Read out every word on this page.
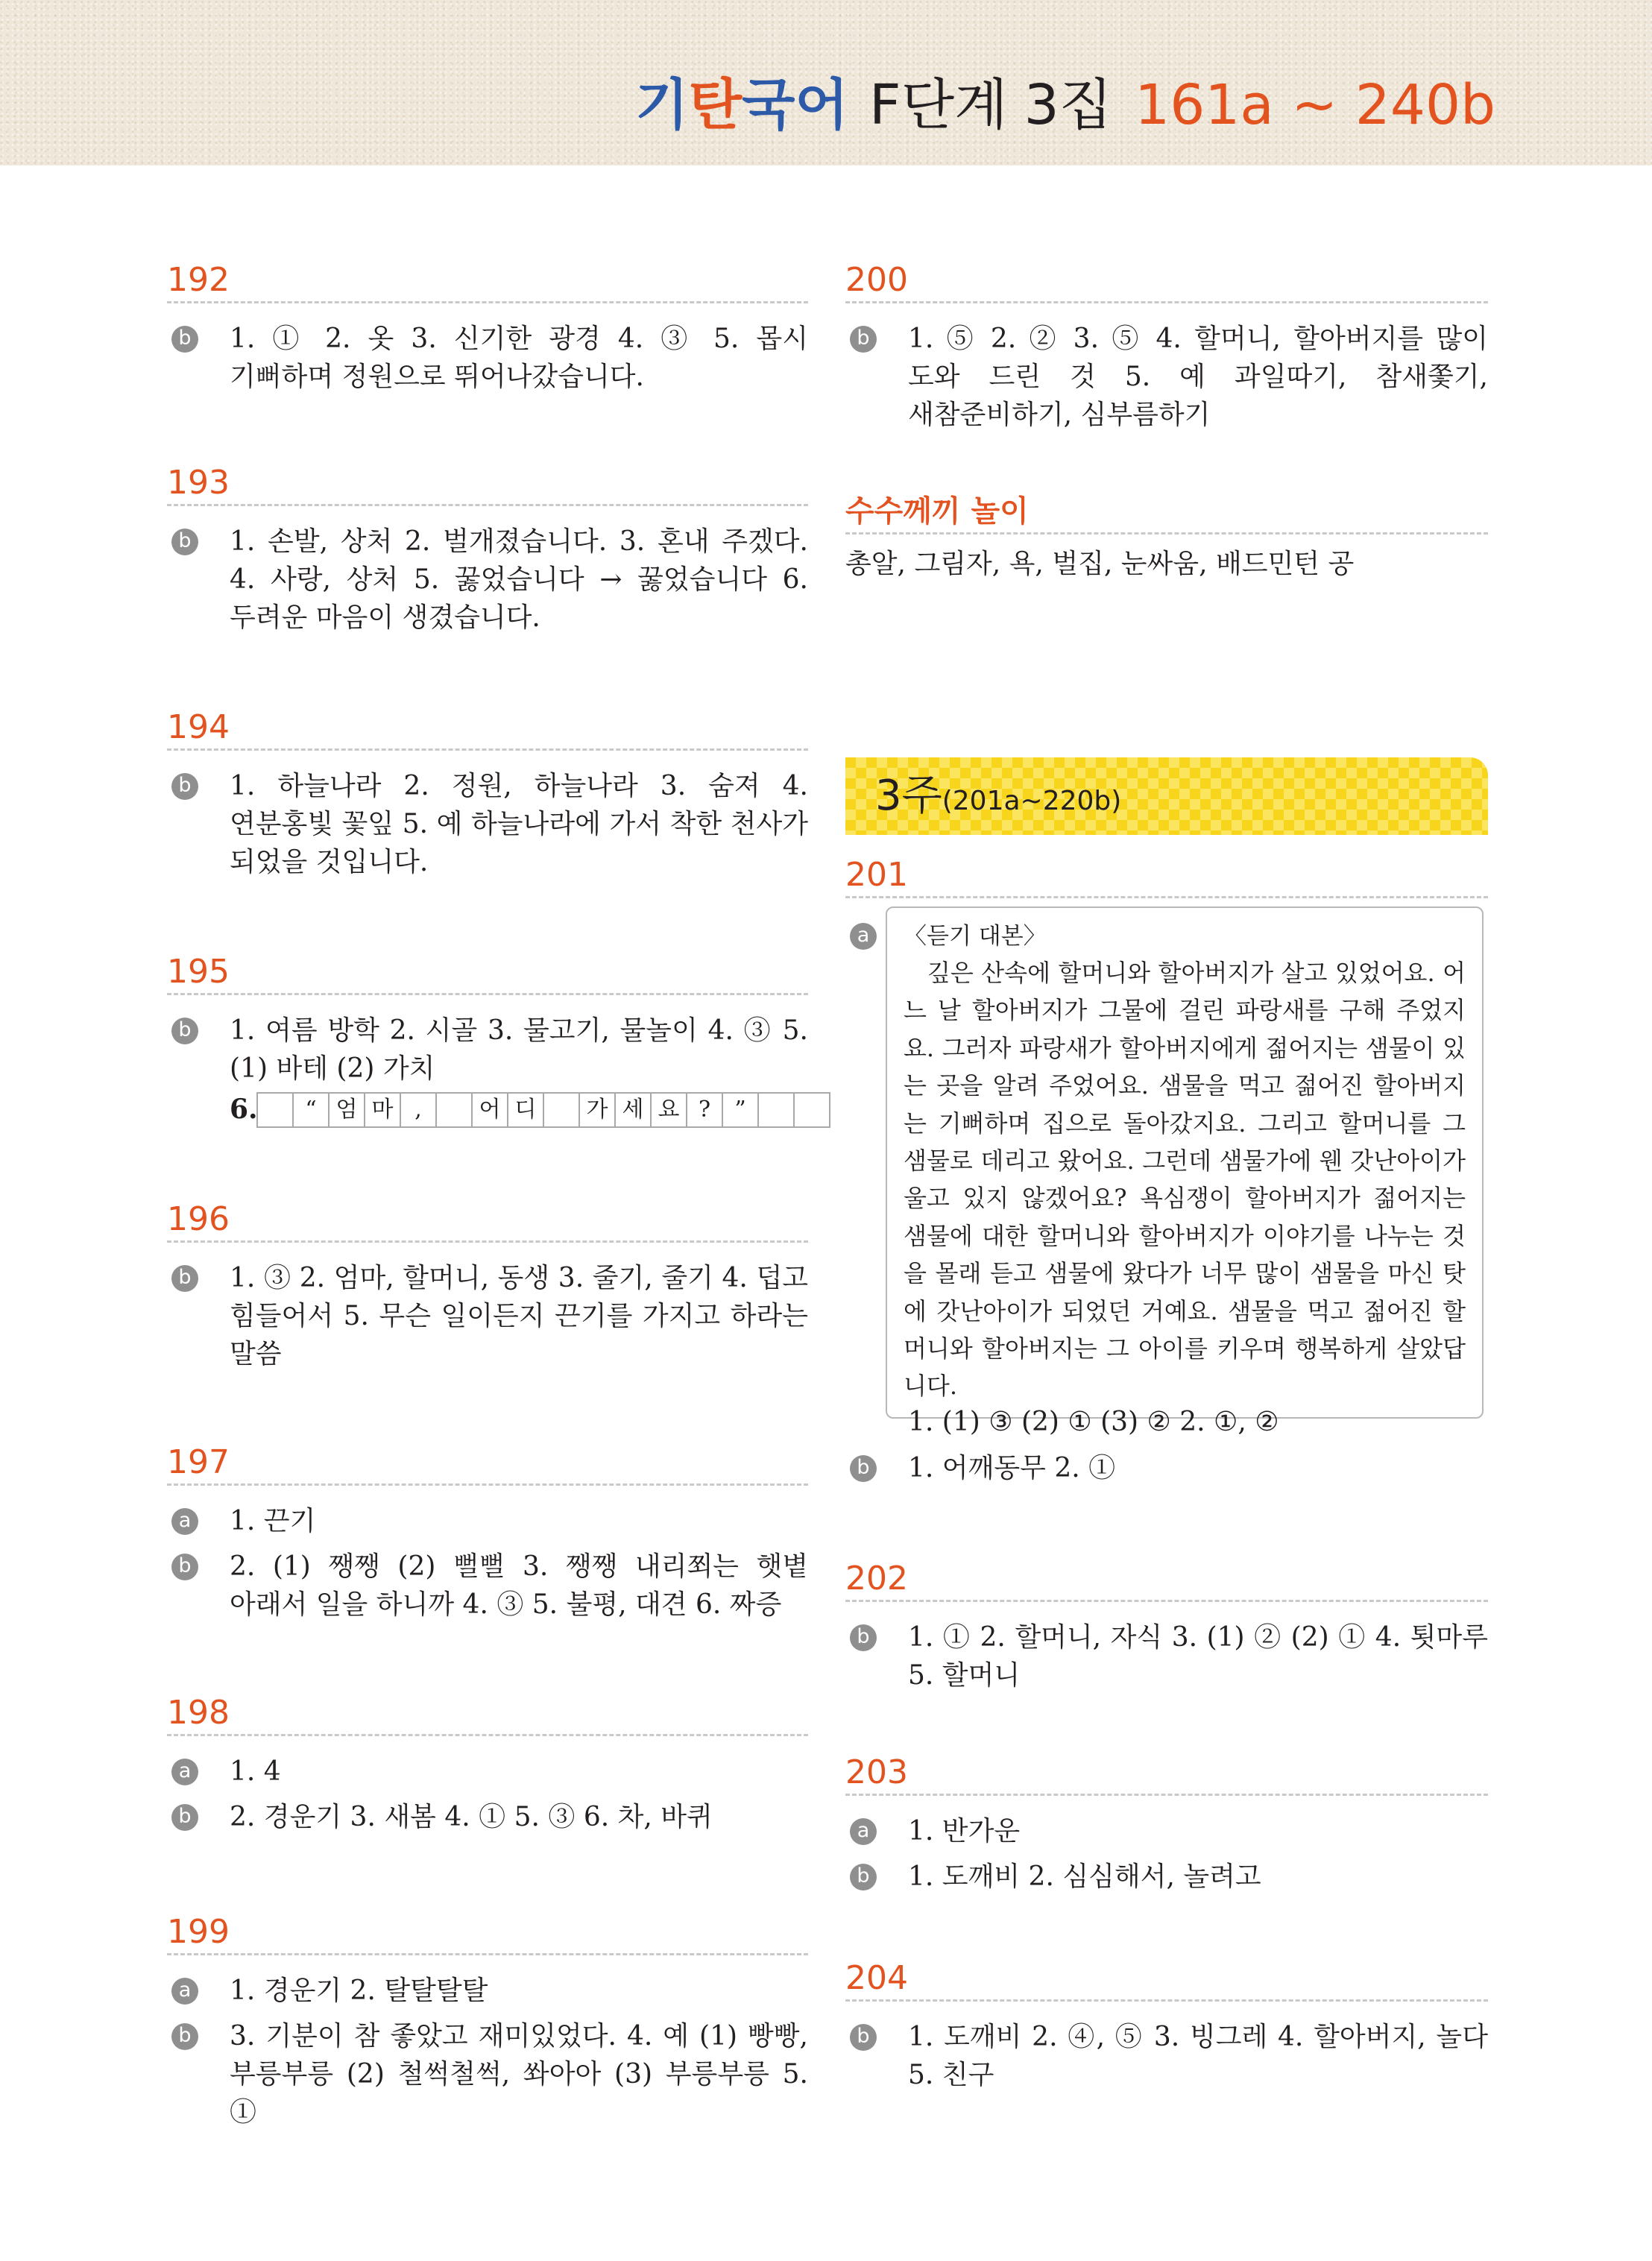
기탄국어 F단계 3집 161a ~ 240b
192
b 1. ① 2. 옷 3. 신기한 광경 4. ③ 5. 몹시 기뻐하며 정원으로 뛰어나갔습니다.

193
b 1. 손발, 상처 2. 벌개졌습니다. 3. 혼내 주겠다. 4. 사랑, 상처 5. 꿇었습니다 → 꿇었습니다 6. 두려운 마음이 생겼습니다.

194
b 1. 하늘나라 2. 정원, 하늘나라 3. 숨져 4. 연분홍빛 꽃잎 5. 예 하늘나라에 가서 착한 천사가 되었을 것입니다.

195
b 1. 여름 방학 2. 시골 3. 물고기, 물놀이 4. ③ 5. (1) 바테 (2) 가치

6.	“ 엄 마 ,	어 디	가 세 요 ?	”
196
b 1. ③ 2. 엄마, 할머니, 동생 3. 줄기, 줄기 4. 덥고 힘들어서 5. 무슨 일이든지 끈기를 가지고 하라는 말씀

197
a 1. 끈기

b 2. (1) 쨍쨍 (2) 뻘뻘 3. 쨍쨍 내리쬐는 햇볕 아래서 일을 하니까 4. ③ 5. 불평, 대견 6. 짜증

198
a 1. 4

b 2. 경운기 3. 새봄 4. ① 5. ③ 6. 차, 바퀴

199
a 1. 경운기 2. 탈탈탈탈

b 3. 기분이 참 좋았고 재미있었다. 4. 예 (1) 빵빵, 부릉부릉 (2) 철썩철썩, 쏴아아 (3) 부릉부릉 5. ①

200
b 1. ⑤ 2. ② 3. ⑤ 4. 할머니, 할아버지를 많이 도와 드린 것 5. 예 과일따기, 참새쫓기, 새참준비하기, 심부름하기

수수께끼 놀이

총알, 그림자, 욕, 벌집, 눈싸움, 배드민턴 공

3주(201a~220b)
201
a	〈듣기 대본〉

깊은 산속에 할머니와 할아버지가 살고 있었어요. 어느 날 할아버지가 그물에 걸린 파랑새를 구해 주었지요. 그러자 파랑새가 할아버지에게 젊어지는 샘물이 있는 곳을 알려 주었어요. 샘물을 먹고 젊어진 할아버지는 기뻐하며 집으로 돌아갔지요. 그리고 할머니를 그 샘물로 데리고 왔어요. 그런데 샘물가에 웬 갓난아이가 울고 있지 않겠어요? 욕심쟁이 할아버지가 젊어지는 샘물에 대한 할머니와 할아버지가 이야기를 나누는 것을 몰래 듣고 샘물에 왔다가 너무 많이 샘물을 마신 탓에 갓난아이가 되었던 거예요. 샘물을 먹고 젊어진 할머니와 할아버지는 그 아이를 키우며 행복하게 살았답니다.

1. (1) ③ (2) ① (3) ② 2. ①, ②

b 1. 어깨동무 2. ①

202
b 1. ① 2. 할머니, 자식 3. (1) ② (2) ① 4. 툇마루 5. 할머니

203
a 1. 반가운

b 1. 도깨비 2. 심심해서, 놀려고

204
b 1. 도깨비 2. ④, ⑤ 3. 빙그레 4. 할아버지, 놀다 5. 친구
